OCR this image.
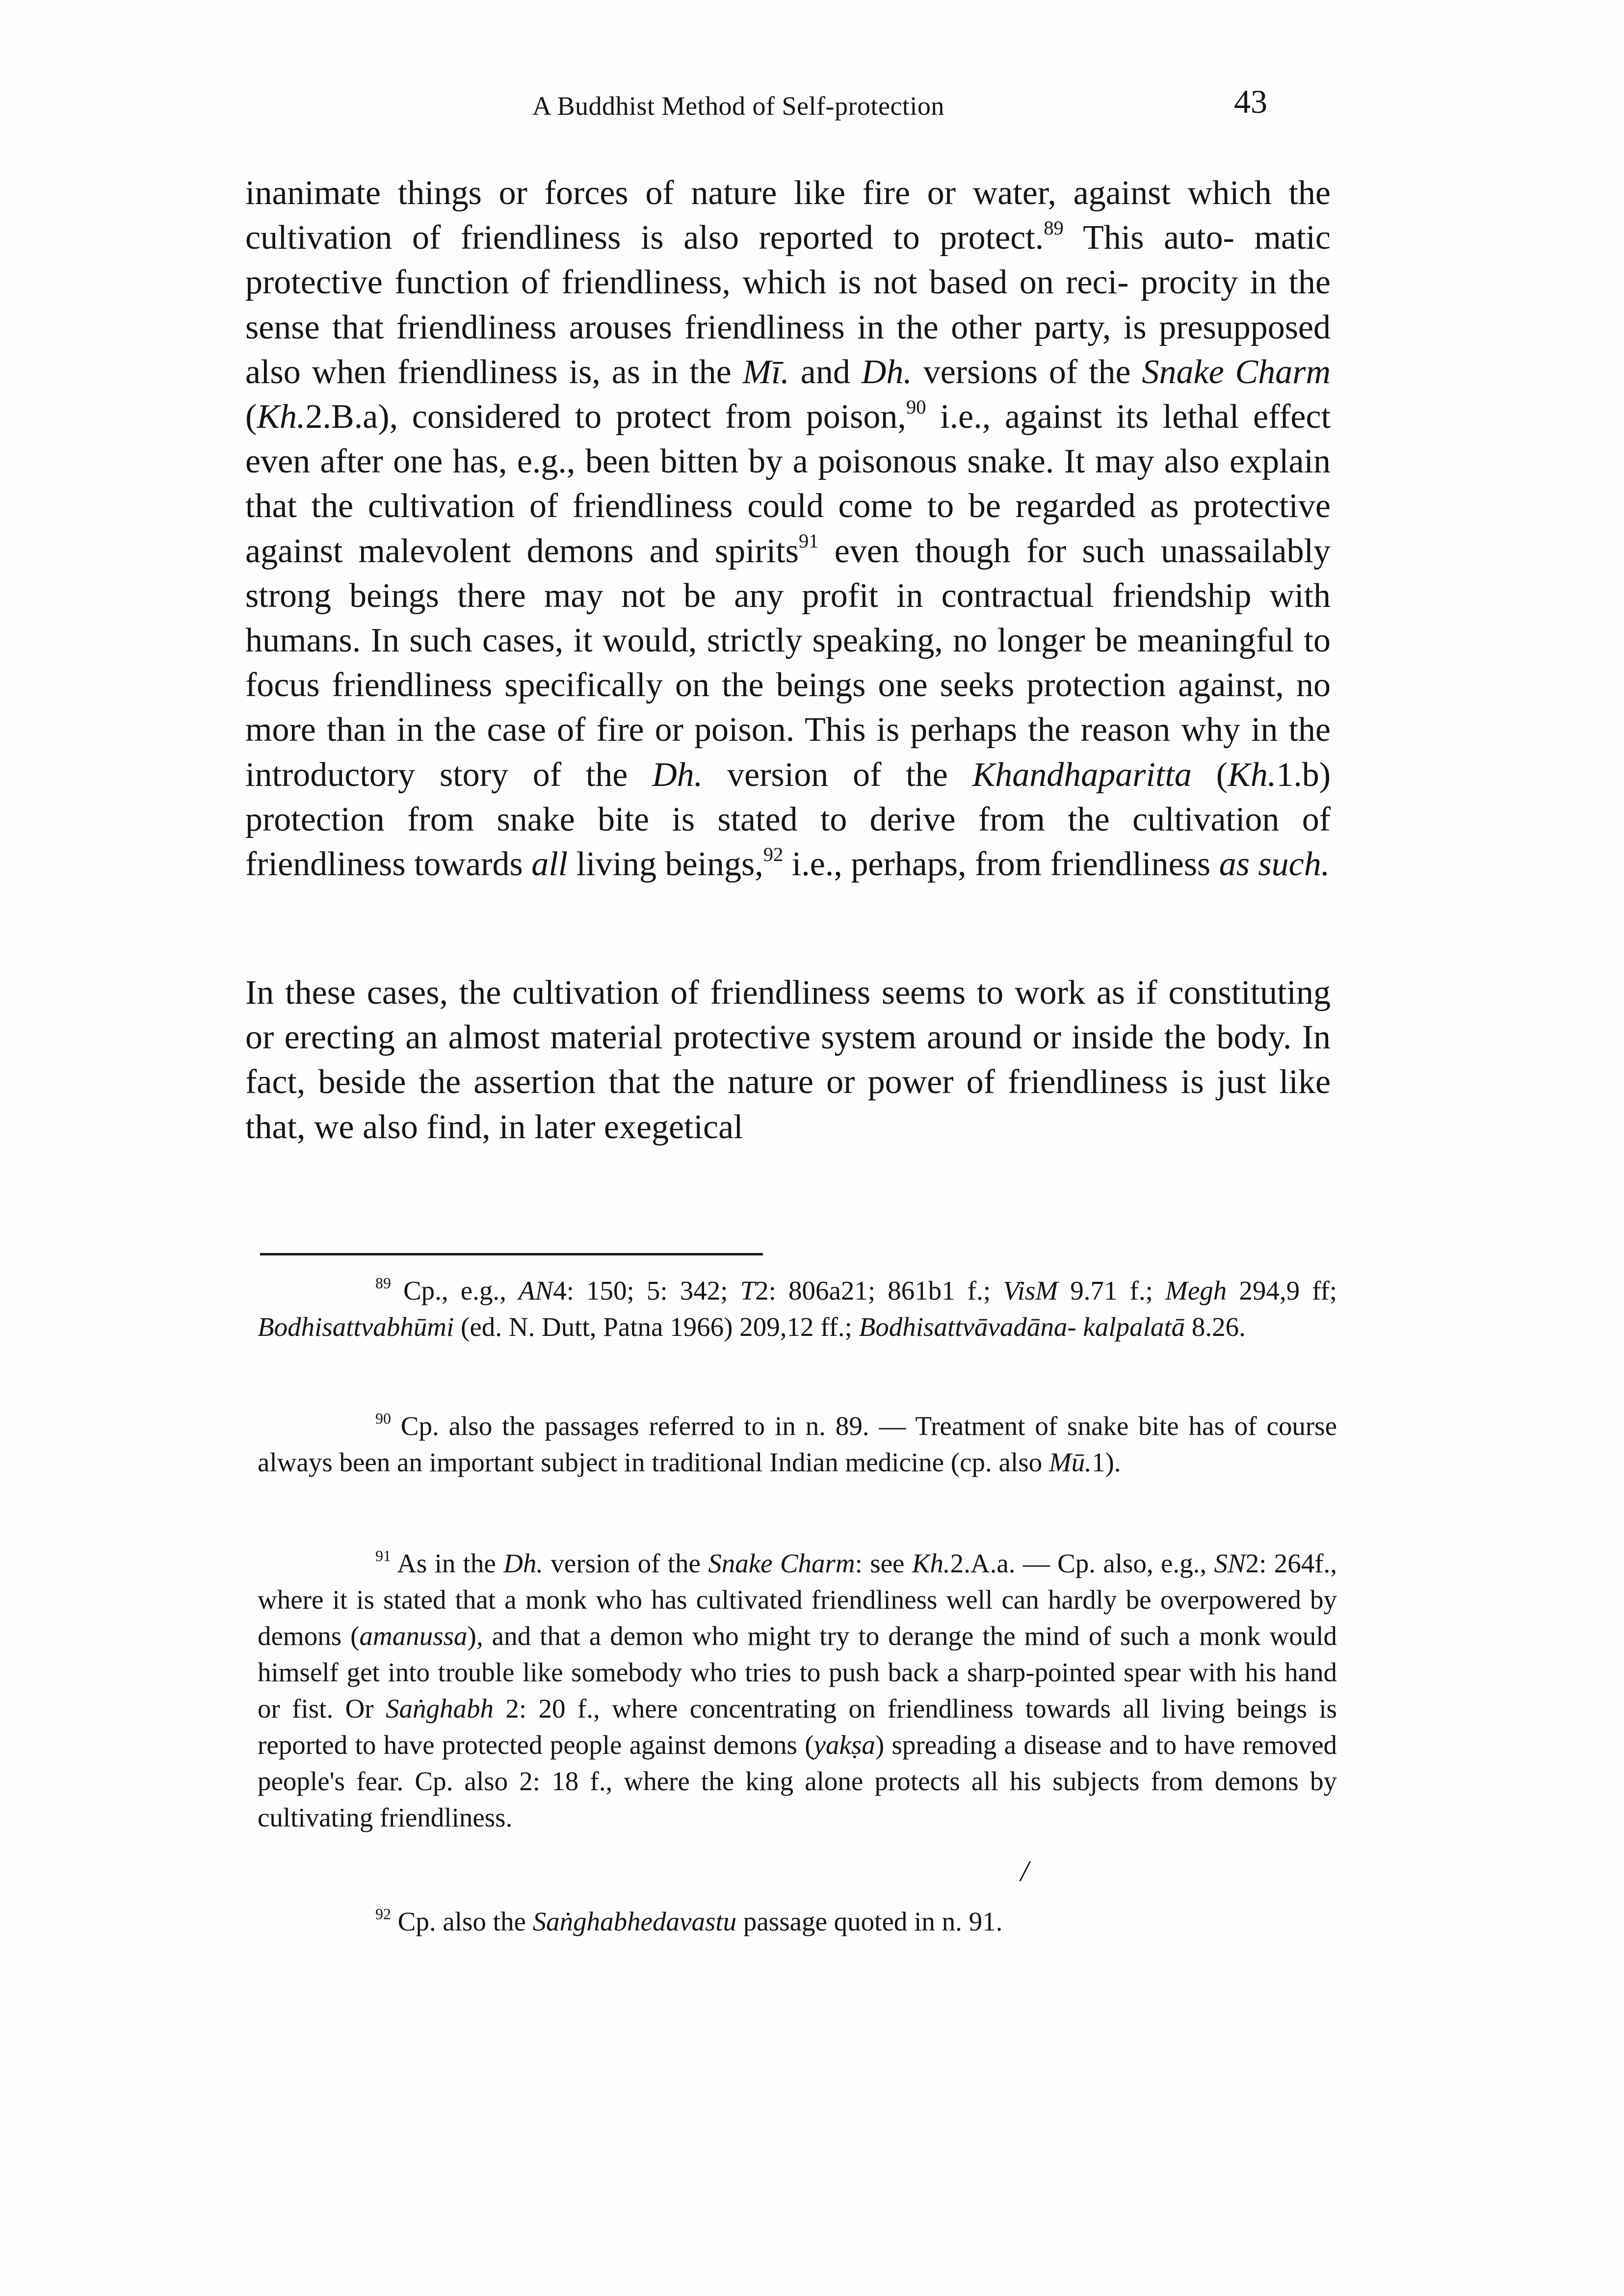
A Buddhist Method of Self-protection	43

inanimate things or forces of nature like fire or water, against which the cultivation of friendliness is also reported to protect.$^{89}$ This auto- matic protective function of friendliness, which is not based on reci- procity in the sense that friendliness arouses friendliness in the other party, is presupposed also when friendliness is, as in the Mī. and Dh. versions of the Snake Charm (Kh.2.B.a), considered to protect from poison,$^{90}$ i.e., against its lethal effect even after one has, e.g., been bitten by a poisonous snake. It may also explain that the cultivation of friendliness could come to be regarded as protective against malevolent demons and spirits$^{91}$ even though for such unassailably strong beings there may not be any profit in contractual friendship with humans. In such cases, it would, strictly speaking, no longer be meaningful to focus friendliness specifically on the beings one seeks protection against, no more than in the case of fire or poison. This is perhaps the reason why in the introductory story of the Dh. version of the Khandhaparitta (Kh.1.b) protection from snake bite is stated to derive from the cultivation of friendliness towards all living beings,$^{92}$ i.e., perhaps, from friendliness as such.

In these cases, the cultivation of friendliness seems to work as if constituting or erecting an almost material protective system around or inside the body. In fact, beside the assertion that the nature or power of friendliness is just like that, we also find, in later exegetical

$^{89}$ Cp., e.g., AN4: 150; 5: 342; T2: 806a21; 861b1 f.; VisM 9.71 f.; Megh 294,9 ff; Bodhisattvabhūmi (ed. N. Dutt, Patna 1966) 209,12 ff.; Bodhisattvāvadāna- kalpalatā 8.26.

$^{90}$ Cp. also the passages referred to in n. 89. — Treatment of snake bite has of course always been an important subject in traditional Indian medicine (cp. also Mū.1).

$^{91}$ As in the Dh. version of the Snake Charm: see Kh.2.A.a. — Cp. also, e.g., SN2: 264f., where it is stated that a monk who has cultivated friendliness well can hardly be overpowered by demons (amanussa), and that a demon who might try to derange the mind of such a monk would himself get into trouble like somebody who tries to push back a sharp-pointed spear with his hand or fist. Or Saṅghabh 2: 20 f., where concentrating on friendliness towards all living beings is reported to have protected people against demons (yakṣa) spreading a disease and to have removed people's fear. Cp. also 2: 18 f., where the king alone protects all his subjects from demons by cultivating friendliness.

/

$^{92}$ Cp. also the Saṅghabhedavastu passage quoted in n. 91.
